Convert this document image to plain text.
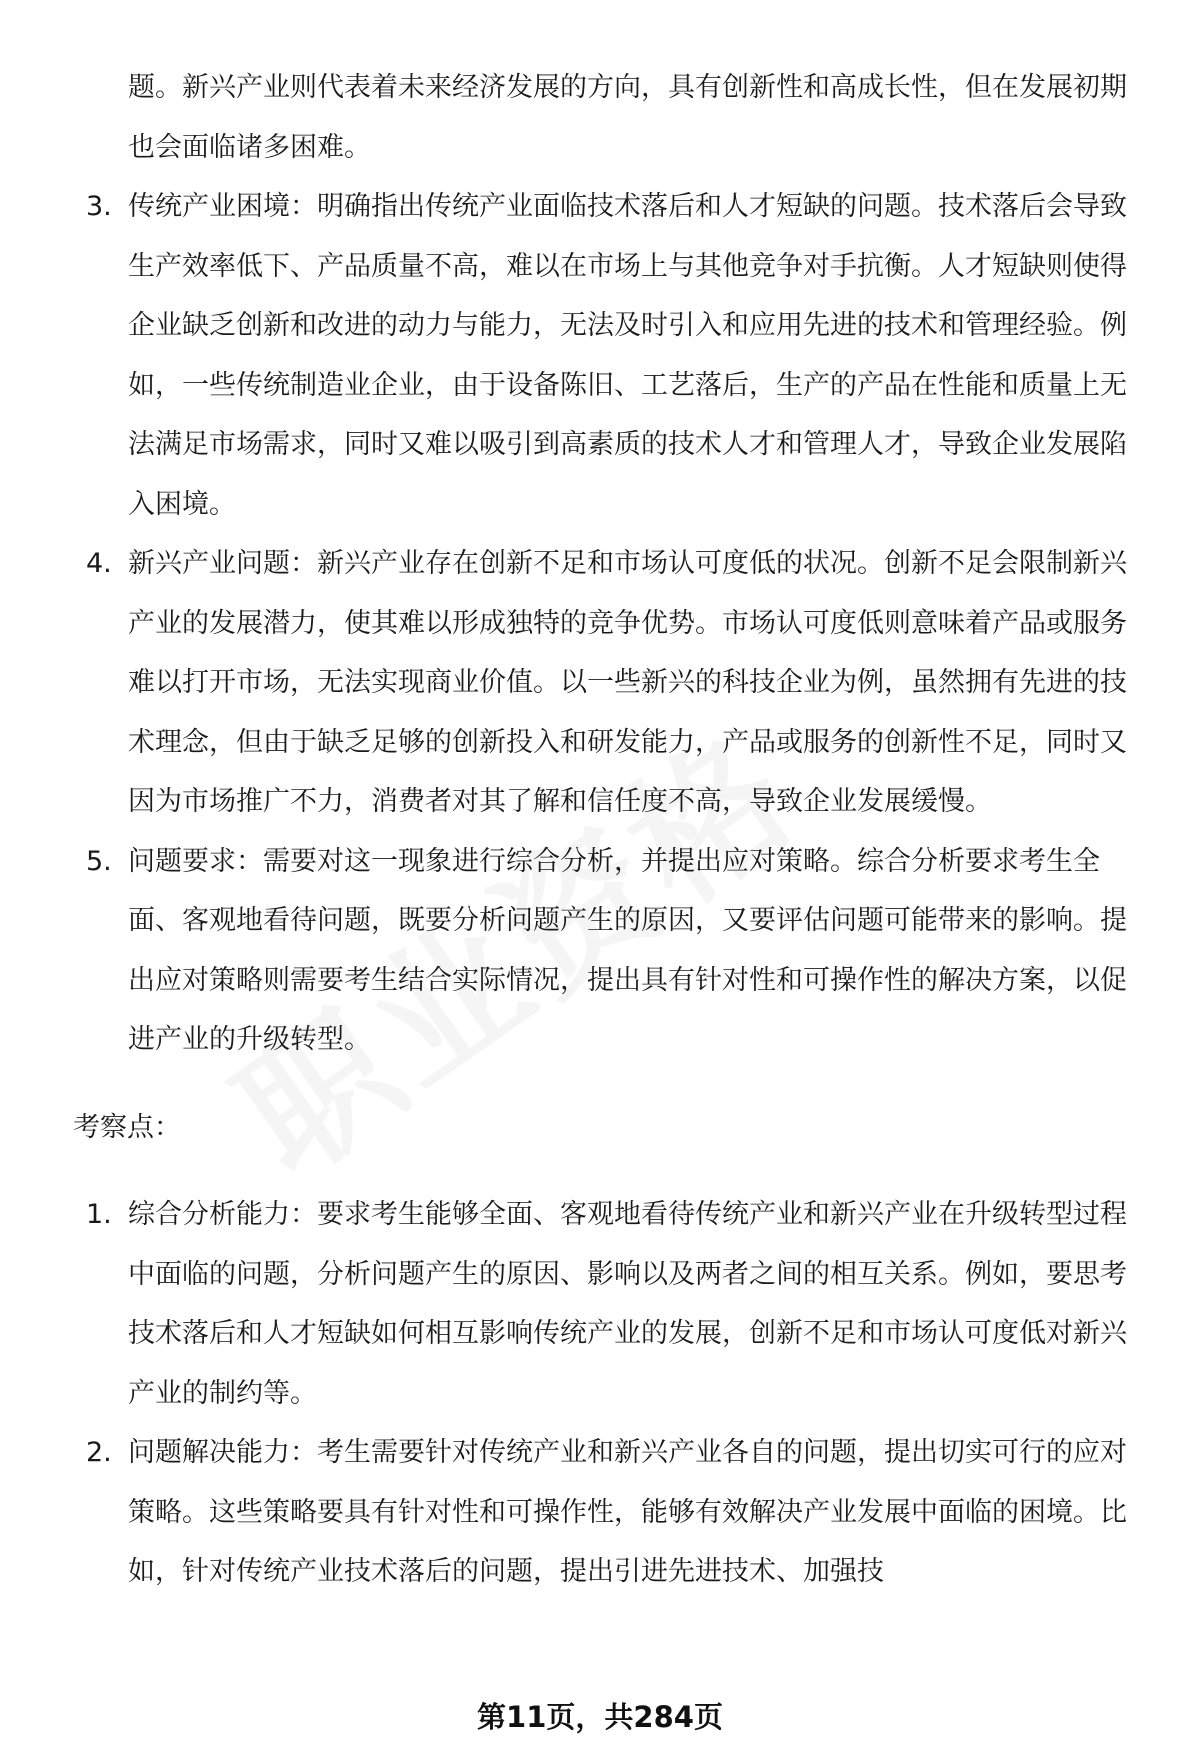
题。新兴产业则代表着未来经济发展的方向，具有创新性和高成长性，但在发展初期也会面临诸多困难。

3. 传统产业困境：明确指出传统产业面临技术落后和人才短缺的问题。技术落后会导致生产效率低下、产品质量不高，难以在市场上与其他竞争对手抗衡。人才短缺则使得企业缺乏创新和改进的动力与能力，无法及时引入和应用先进的技术和管理经验。例如，一些传统制造业企业，由于设备陈旧、工艺落后，生产的产品在性能和质量上无法满足市场需求，同时又难以吸引到高素质的技术人才和管理人才，导致企业发展陷入困境。
4. 新兴产业问题：新兴产业存在创新不足和市场认可度低的状况。创新不足会限制新兴产业的发展潜力，使其难以形成独特的竞争优势。市场认可度低则意味着产品或服务难以打开市场，无法实现商业价值。以一些新兴的科技企业为例，虽然拥有先进的技术理念，但由于缺乏足够的创新投入和研发能力，产品或服务的创新性不足，同时又因为市场推广不力，消费者对其了解和信任度不高，导致企业发展缓慢。
5. 问题要求：需要对这一现象进行综合分析，并提出应对策略。综合分析要求考生全面、客观地看待问题，既要分析问题产生的原因，又要评估问题可能带来的影响。提出应对策略则需要考生结合实际情况，提出具有针对性和可操作性的解决方案，以促进产业的升级转型。
考察点：
1. 综合分析能力：要求考生能够全面、客观地看待传统产业和新兴产业在升级转型过程中面临的问题，分析问题产生的原因、影响以及两者之间的相互关系。例如，要思考技术落后和人才短缺如何相互影响传统产业的发展，创新不足和市场认可度低对新兴产业的制约等。
2. 问题解决能力：考生需要针对传统产业和新兴产业各自的问题，提出切实可行的应对策略。这些策略要具有针对性和可操作性，能够有效解决产业发展中面临的困境。比如，针对传统产业技术落后的问题，提出引进先进技术、加强技
第11页，共284页
